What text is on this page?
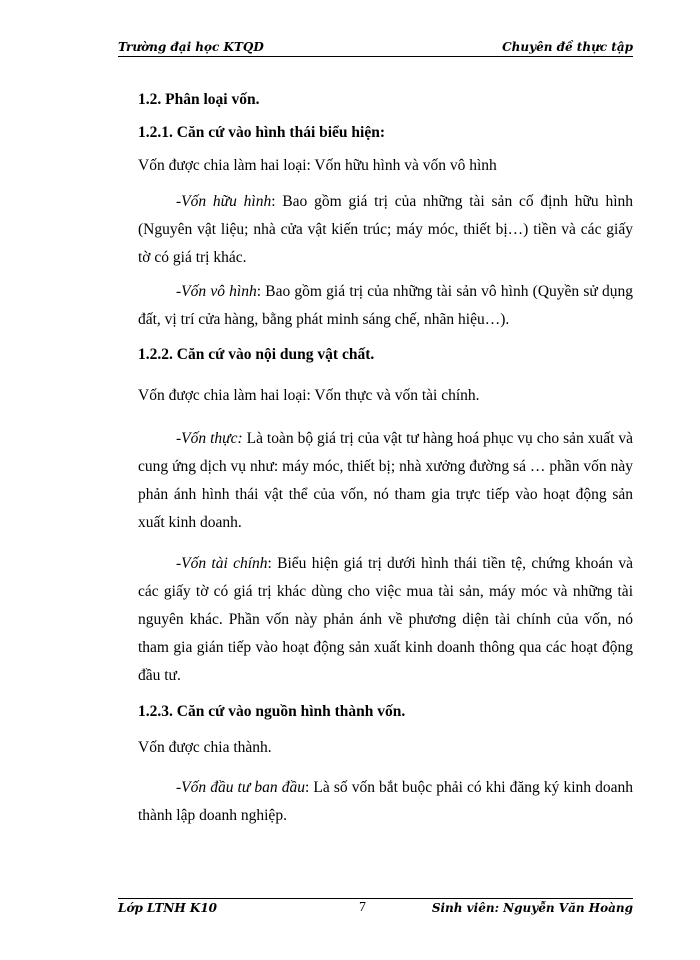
Trường đại học KTQD	Chuyên đề thực tập

1.2. Phân loại vốn.

1.2.1. Căn cứ vào hình thái biểu hiện:

Vốn được chia làm hai loại: Vốn hữu hình và vốn vô hình

-Vốn hữu hình: Bao gồm giá trị của những tài sản cố định hữu hình (Nguyên vật liệu; nhà cửa vật kiến trúc; máy móc, thiết bị…) tiền và các giấy tờ có giá trị khác.

-Vốn vô hình: Bao gồm giá trị của những tài sản vô hình (Quyền sử dụng đất, vị trí cửa hàng, bằng phát minh sáng chế, nhãn hiệu…).

1.2.2. Căn cứ vào nội dung vật chất.

Vốn được chia làm hai loại: Vốn thực và vốn tài chính.

-Vốn thực: Là toàn bộ giá trị của vật tư hàng hoá phục vụ cho sản xuất và cung ứng dịch vụ như: máy móc, thiết bị; nhà xưởng đường sá … phần vốn này phản ánh hình thái vật thể của vốn, nó tham gia trực tiếp vào hoạt động sản xuất kinh doanh.

-Vốn tài chính: Biểu hiện giá trị dưới hình thái tiền tệ, chứng khoán và các giấy tờ có giá trị khác dùng cho việc mua tài sản, máy móc và những tài nguyên khác. Phần vốn này phản ánh về phương diện tài chính của vốn, nó tham gia gián tiếp vào hoạt động sản xuất kinh doanh thông qua các hoạt động đầu tư.

1.2.3. Căn cứ vào nguồn hình thành vốn.

Vốn được chia thành.

-Vốn đầu tư ban đầu: Là số vốn bắt buộc phải có khi đăng ký kinh doanh thành lập doanh nghiệp.

Lớp LTNH K10	7	Sinh viên: Nguyễn Văn Hoàng
